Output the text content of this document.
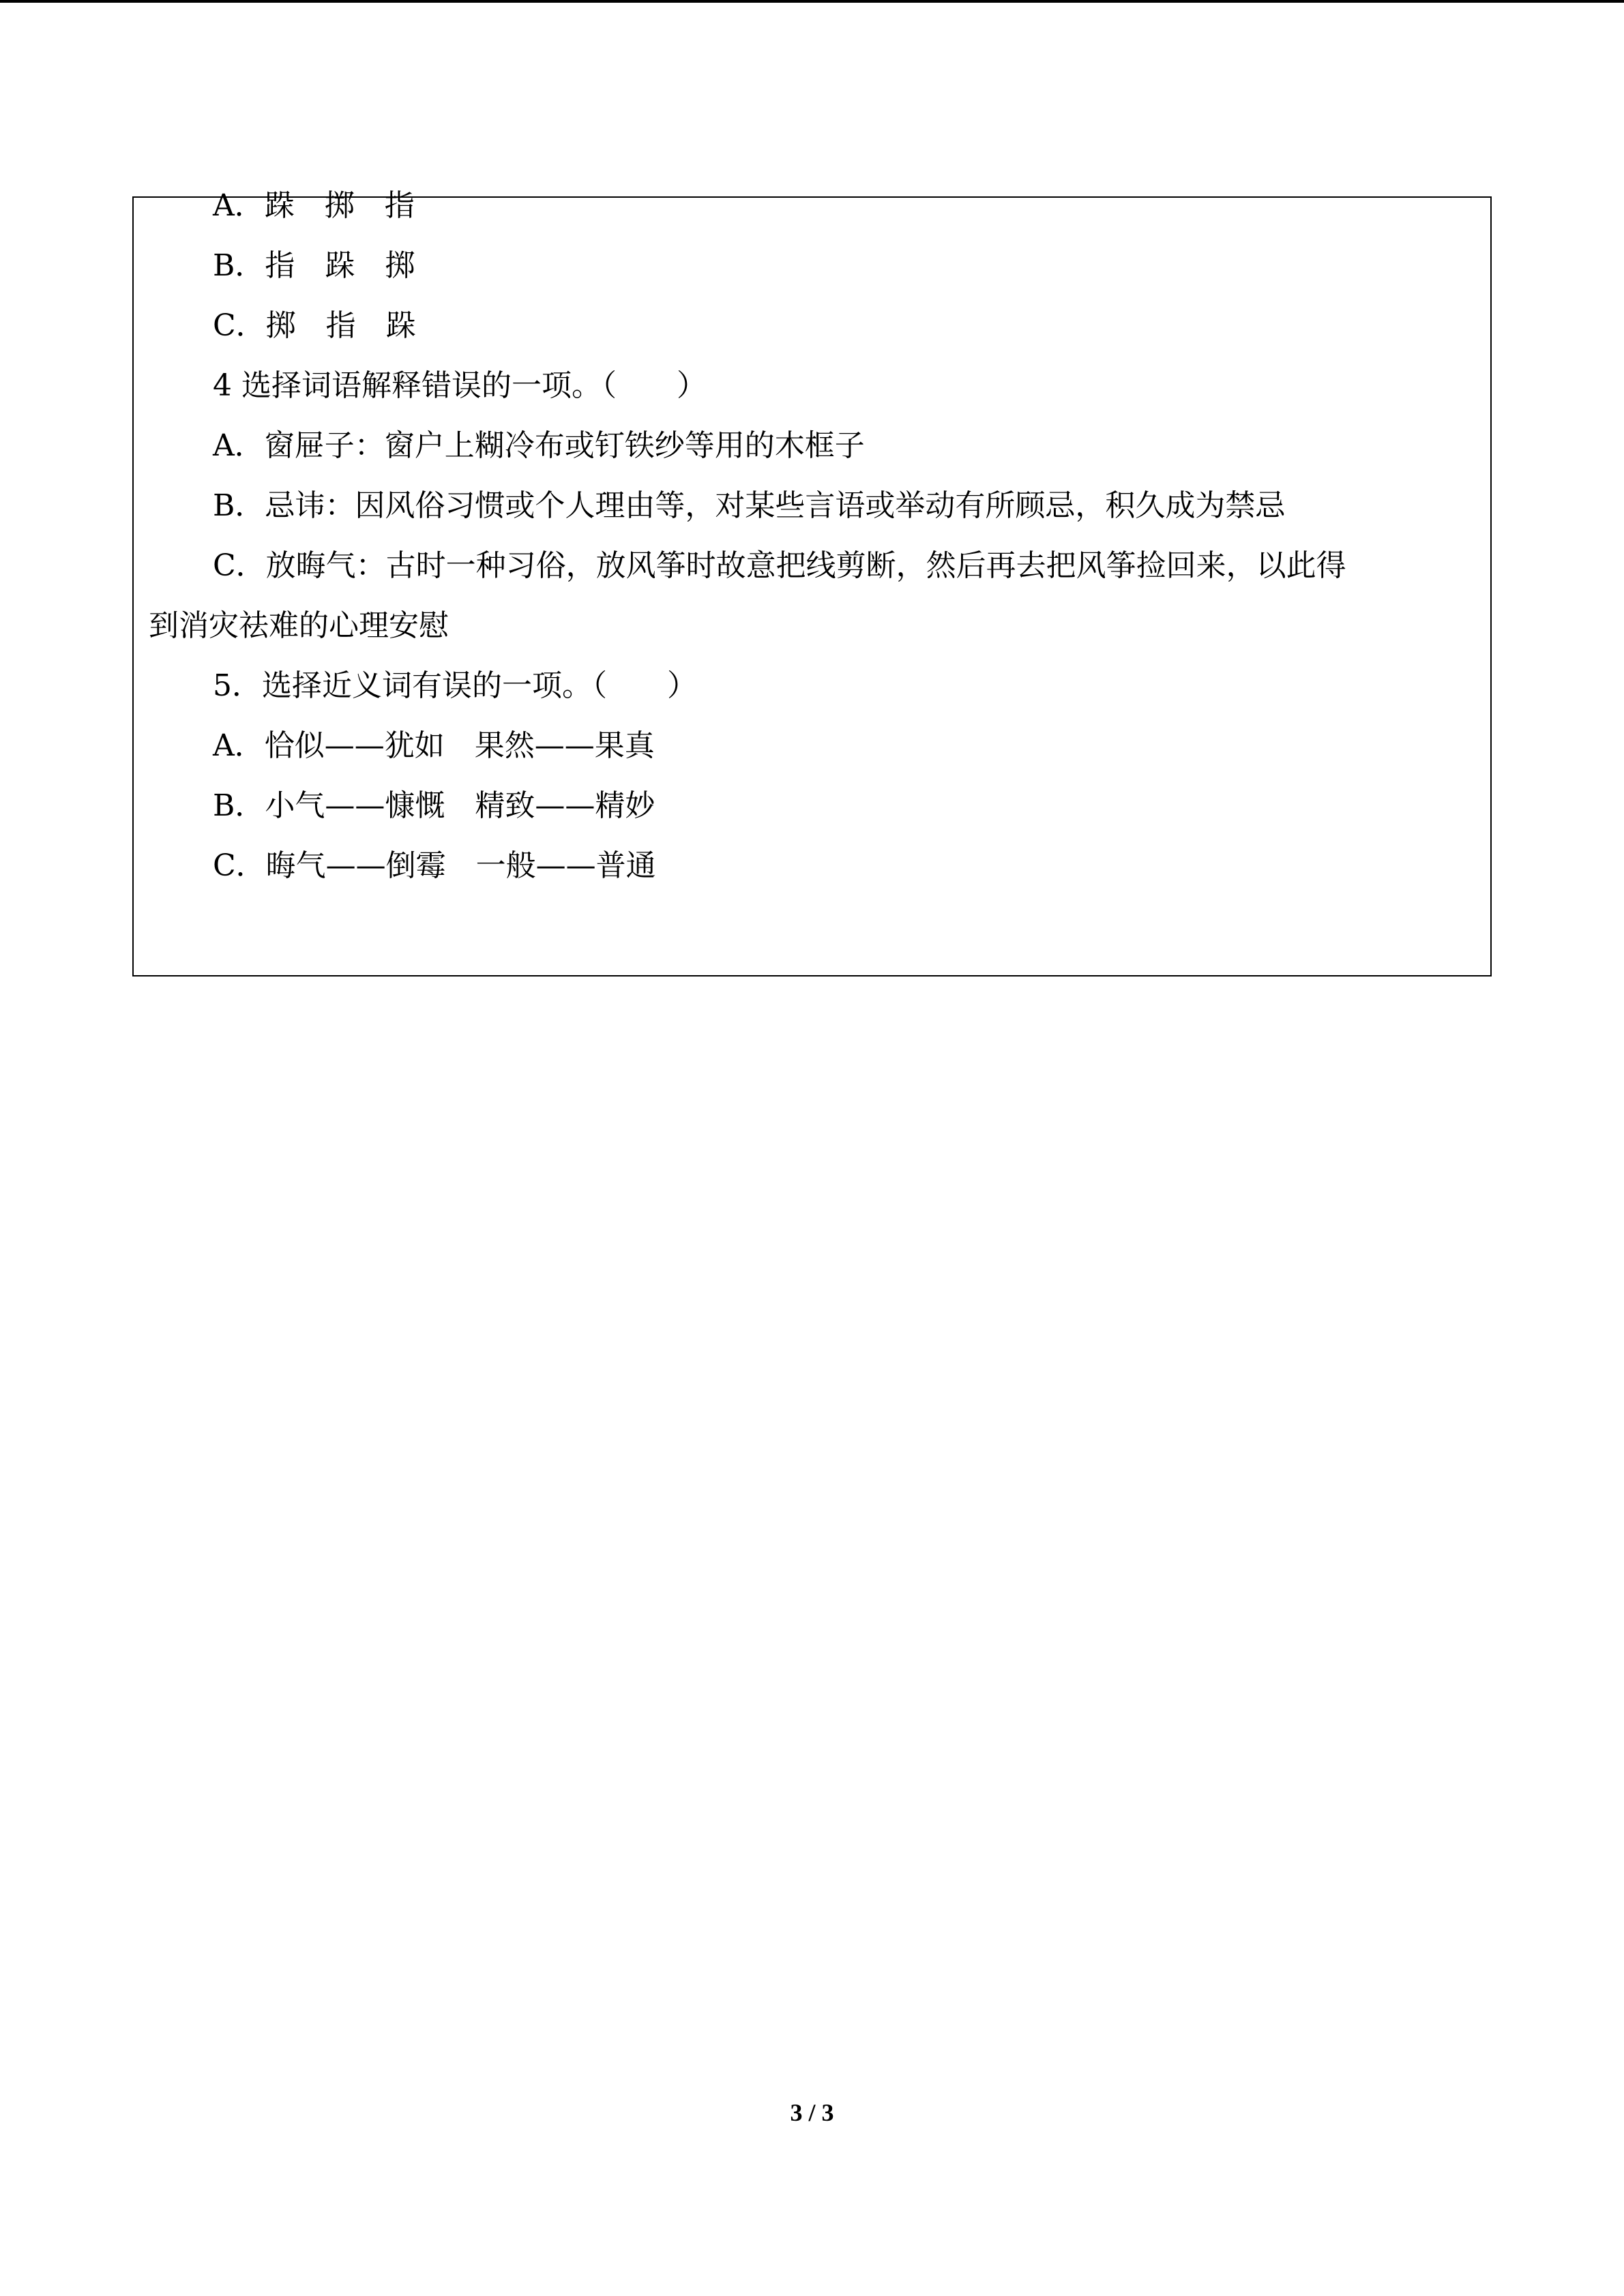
A．跺　掷　指
B．指　跺　掷
C．掷　指　跺
4 选择词语解释错误的一项。（　　）
A．窗屉子：窗户上糊冷布或钉铁纱等用的木框子
B．忌讳：因风俗习惯或个人理由等，对某些言语或举动有所顾忌，积久成为禁忌
C．放晦气：古时一种习俗，放风筝时故意把线剪断，然后再去把风筝捡回来，以此得
到消灾祛难的心理安慰
5．选择近义词有误的一项。（　　）
A．恰似——犹如　果然——果真
B．小气——慷慨　精致——精妙
C．晦气——倒霉　一般——普通
3 / 3
